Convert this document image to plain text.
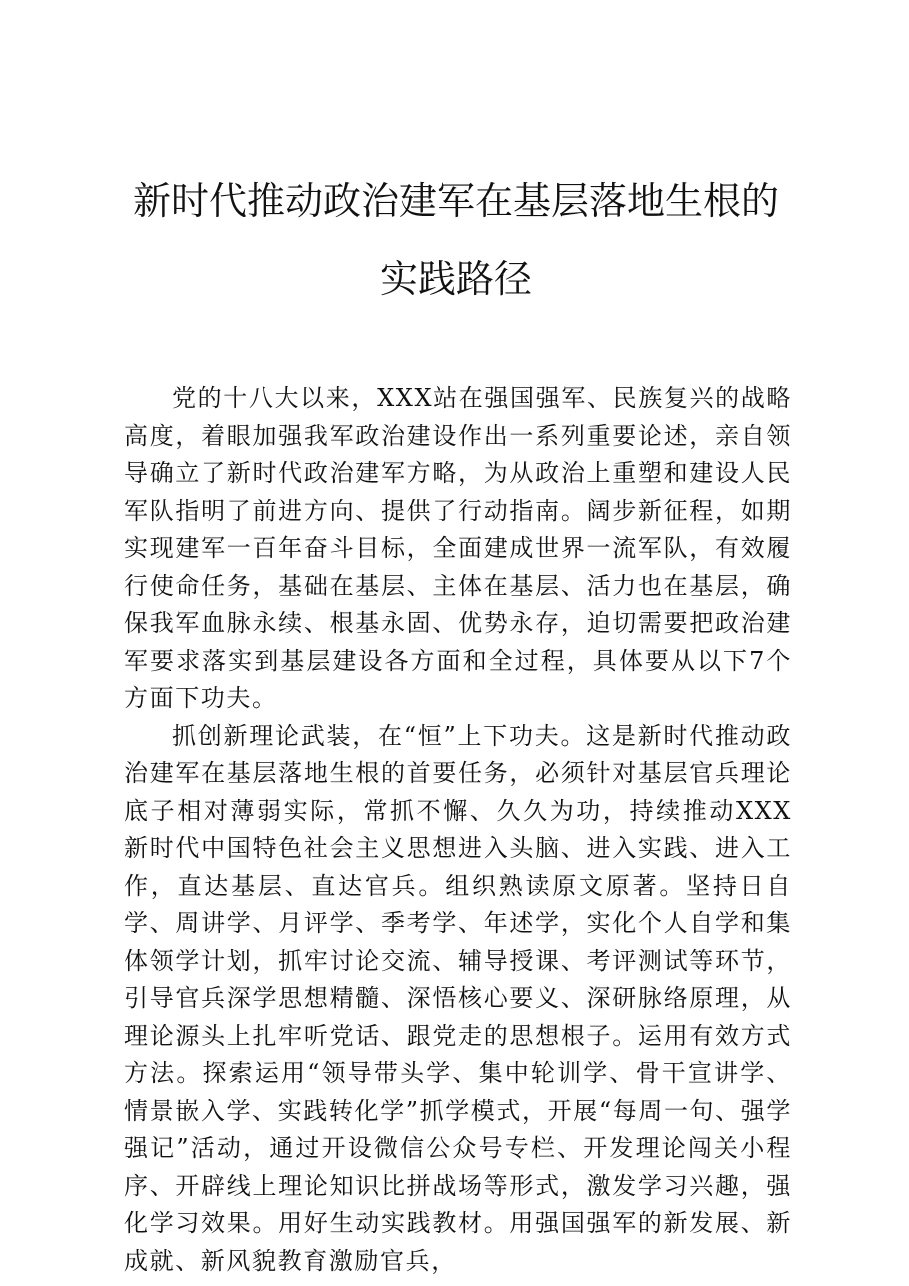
新时代推动政治建军在基层落地生根的实践路径

党的十八大以来，XXX站在强国强军、民族复兴的战略高度，着眼加强我军政治建设作出一系列重要论述，亲自领导确立了新时代政治建军方略，为从政治上重塑和建设人民军队指明了前进方向、提供了行动指南。阔步新征程，如期实现建军一百年奋斗目标，全面建成世界一流军队，有效履行使命任务，基础在基层、主体在基层、活力也在基层，确保我军血脉永续、根基永固、优势永存，迫切需要把政治建军要求落实到基层建设各方面和全过程，具体要从以下7个方面下功夫。

抓创新理论武装，在“恒”上下功夫。这是新时代推动政治建军在基层落地生根的首要任务，必须针对基层官兵理论底子相对薄弱实际，常抓不懈、久久为功，持续推动XXX新时代中国特色社会主义思想进入头脑、进入实践、进入工作，直达基层、直达官兵。组织熟读原文原著。坚持日自学、周讲学、月评学、季考学、年述学，实化个人自学和集体领学计划，抓牢讨论交流、辅导授课、考评测试等环节，引导官兵深学思想精髓、深悟核心要义、深研脉络原理，从理论源头上扎牢听党话、跟党走的思想根子。运用有效方式方法。探索运用“领导带头学、集中轮训学、骨干宣讲学、情景嵌入学、实践转化学”抓学模式，开展“每周一句、强学强记”活动，通过开设微信公众号专栏、开发理论闯关小程序、开辟线上理论知识比拼战场等形式，激发学习兴趣，强化学习效果。用好生动实践教材。用强国强军的新发展、新成就、新风貌教育激励官兵，
